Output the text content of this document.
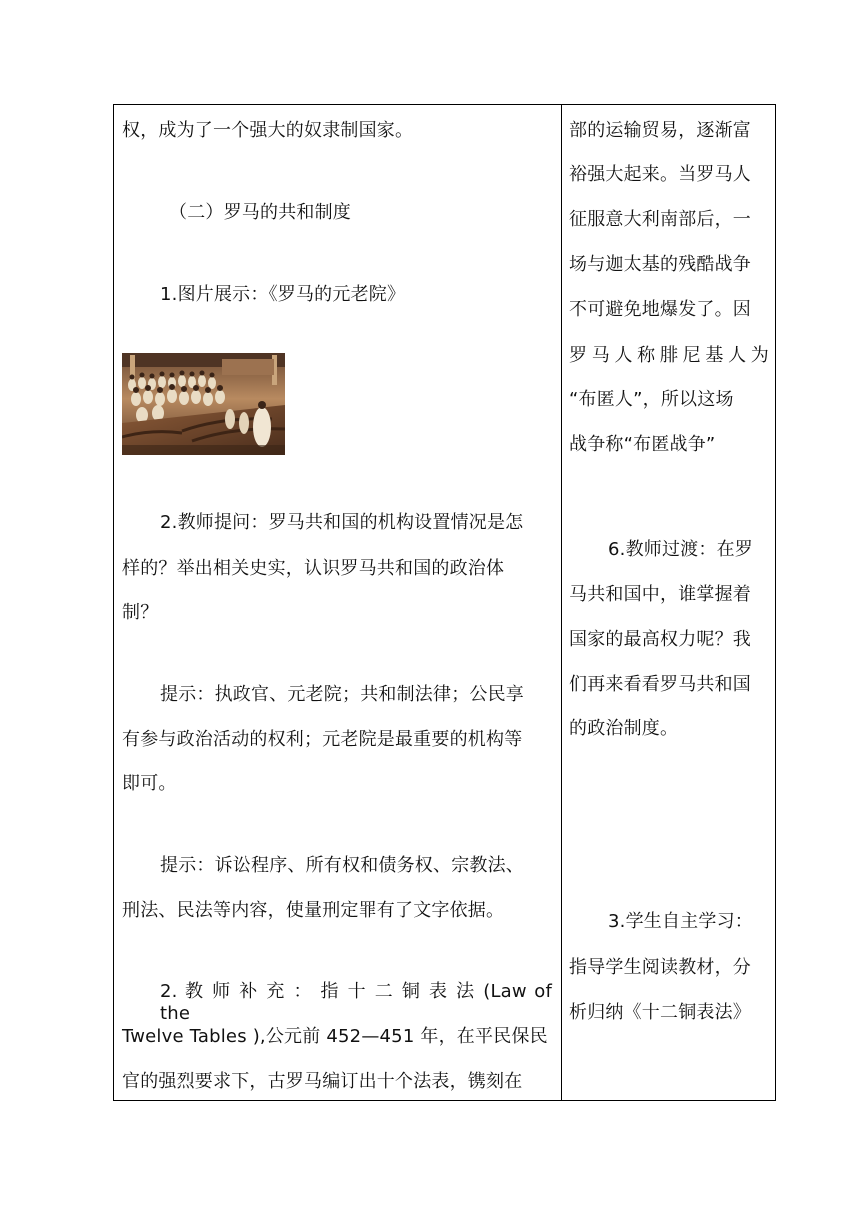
权，成为了一个强大的奴隶制国家。
（二）罗马的共和制度
1.图片展示：《罗马的元老院》
2.教师提问：罗马共和国的机构设置情况是怎
样的？举出相关史实，认识罗马共和国的政治体
制？
提示：执政官、元老院；共和制法律；公民享
有参与政治活动的权利；元老院是最重要的机构等
即可。
提示：诉讼程序、所有权和债务权、宗教法、
刑法、民法等内容，使量刑定罪有了文字依据。
2. 教 师 补 充 ： 指 十 二 铜 表 法 (Law of the
Twelve Tables ),公元前 452—451 年，在平民保民
官的强烈要求下，古罗马编订出十个法表，镌刻在
部的运输贸易，逐渐富
裕强大起来。当罗马人
征服意大利南部后，一
场与迦太基的残酷战争
不可避免地爆发了。因
罗马人称腓尼基人为
“布匿人”，所以这场
战争称“布匿战争”
6.教师过渡：在罗
马共和国中，谁掌握着
国家的最高权力呢？我
们再来看看罗马共和国
的政治制度。
3.学生自主学习：
指导学生阅读教材，分
析归纳《十二铜表法》
